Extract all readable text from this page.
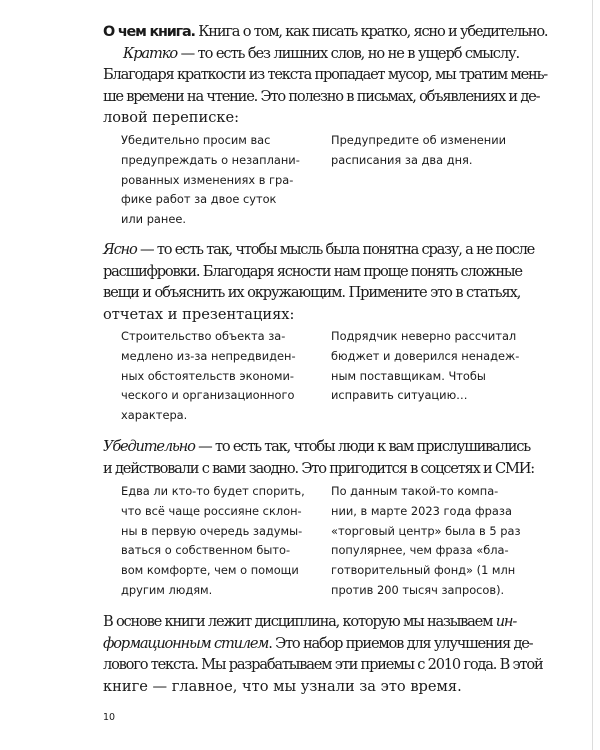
О чем книга. Книга о том, как писать кратко, ясно и убедительно.

Кратко — то есть без лишних слов, но не в ущерб смыслу.

Благодаря краткости из текста пропадает мусор, мы тратим мень-

ше времени на чтение. Это полезно в письмах, объявлениях и де-

ловой переписке:

Убедительно просим вас

предупреждать о незаплани-

рованных изменениях в гра-

фике работ за двое суток

или ранее.

Предупредите об изменении

расписания за два дня.

Ясно — то есть так, чтобы мысль была понятна сразу, а не после

расшифровки. Благодаря ясности нам проще понять сложные

вещи и объяснить их окружающим. Примените это в статьях,

отчетах и презентациях:

Строительство объекта за-

медлено из-за непредвиден-

ных обстоятельств экономи-

ческого и организационного

характера.

Подрядчик неверно рассчитал

бюджет и доверился ненадеж-

ным поставщикам. Чтобы

исправить ситуацию…

Убедительно — то есть так, чтобы люди к вам прислушивались

и действовали с вами заодно. Это пригодится в соцсетях и СМИ:

Едва ли кто-то будет спорить,

что всё чаще россияне склон-

ны в первую очередь задумы-

ваться о собственном быто-

вом комфорте, чем о помощи

другим людям.

По данным такой-то компа-

нии, в марте 2023 года фраза

«торговый центр» была в 5 раз

популярнее, чем фраза «бла-

готворительный фонд» (1 млн

против 200 тысяч запросов).

В основе книги лежит дисциплина, которую мы называем ин-

формационным стилем. Это набор приемов для улучшения де-

лового текста. Мы разрабатываем эти приемы с 2010 года. В этой

книге — главное, что мы узнали за это время.

10
